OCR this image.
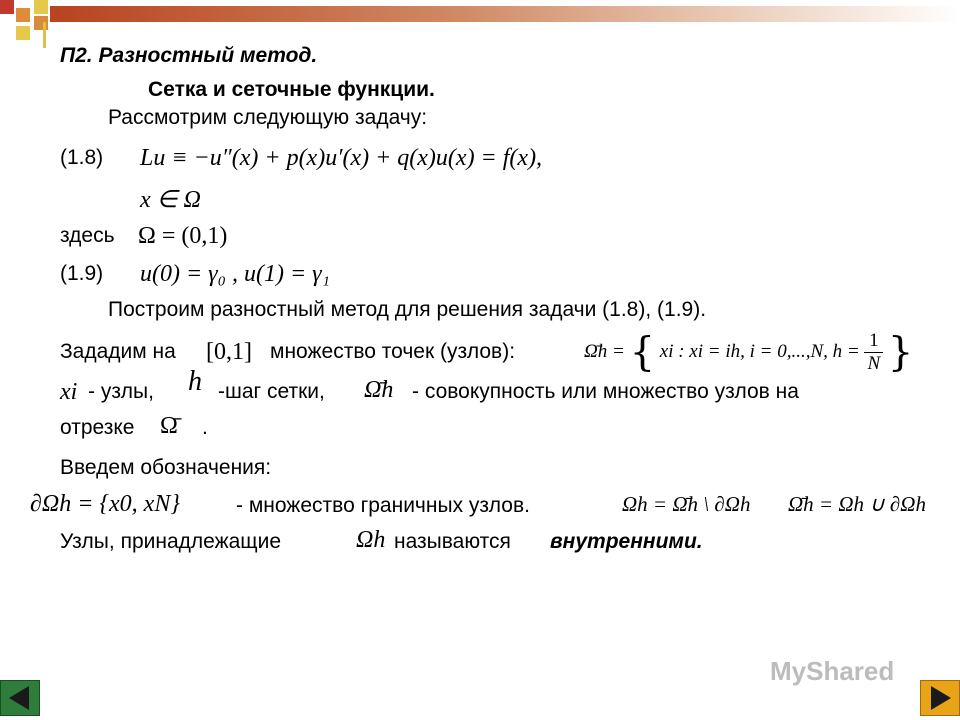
П2. Разностный метод.
Сетка и сеточные функции.
Рассмотрим следующую задачу:
(1.8) Lu ≡ −u″(x) + p(x)u′(x) + q(x)u(x) = f(x),
x ∈ Ω
здесь Ω = (0,1)
(1.9) u(0) = γ₀ , u(1) = γ₁
Построим разностный метод для решения задачи (1.8), (1.9).
Зададим на [0,1] множество точек (узлов):	Ω̄h = { xi : xi = ih, i = 0,...,N, $h = \frac{1}{N}$ }
xi - узлы, h -шаг сетки, Ω̄h - совокупность или множество узлов на
отрезке Ω̄ .
Введем обозначения:
∂Ωh = {x0, xN}	- множество граничных узлов.	Ωh = Ω̄h \ ∂Ωh Ω̄h = Ωh ∪ ∂Ωh
Узлы, принадлежащие	Ωh называются внутренними.
MyShared
